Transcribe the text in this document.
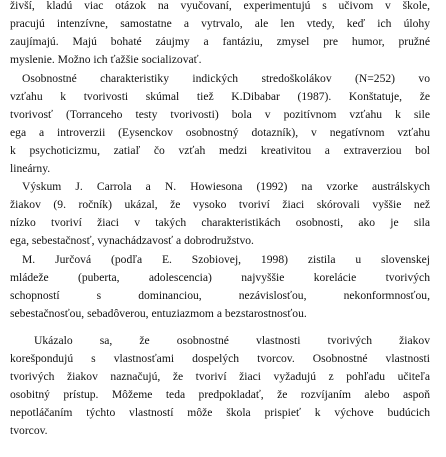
živší, kladú viac otázok na vyučovaní, experimentujú s učivom v škole,
pracujú intenzívne, samostatne a vytrvalo, ale len vtedy, keď ich úlohy
zaujímajú. Majú bohaté záujmy a fantáziu, zmysel pre humor, pružné
myslenie. Možno ich ťažšie socializovať.
Osobnostné charakteristiky indických stredoškolákov (N=252) vo
vzťahu k tvorivosti skúmal tiež K.Dibabar (1987). Konštatuje, že
tvorivosť (Torranceho testy tvorivosti) bola v pozitívnom vzťahu k sile
ega a introverzii (Eysenckov osobnostný dotazník), v negatívnom vzťahu
k psychoticizmu, zatiaľ čo vzťah medzi kreativitou a extraverziou bol
lineárny.
Výskum J. Carrola a N. Howiesona (1992) na vzorke austrálskych
žiakov (9. ročník) ukázal, že vysoko tvoriví žiaci skórovali vyššie než
nízko tvoriví žiaci v takých charakteristikách osobnosti, ako je sila
ega, sebestačnosť, vynachádzavosť a dobrodružstvo.
M. Jurčová (podľa E. Szobiovej, 1998) zistila u slovenskej
mládeže (puberta, adolescencia) najvyššie korelácie tvorivých
schopností s dominanciou, nezávislosťou, nekonformnosťou,
sebestačnosťou, sebadôverou, entuziazmom a bezstarostnosťou.
Ukázalo sa, že osobnostné vlastnosti tvorivých žiakov
korešpondujú s vlastnosťami dospelých tvorcov. Osobnostné vlastnosti
tvorivých žiakov naznačujú, že tvoriví žiaci vyžadujú z pohľadu učiteľa
osobitný prístup. Môžeme teda predpokladať, že rozvíjaním alebo aspoň
nepotláčaním týchto vlastností môže škola prispieť k výchove budúcich
tvorcov.
